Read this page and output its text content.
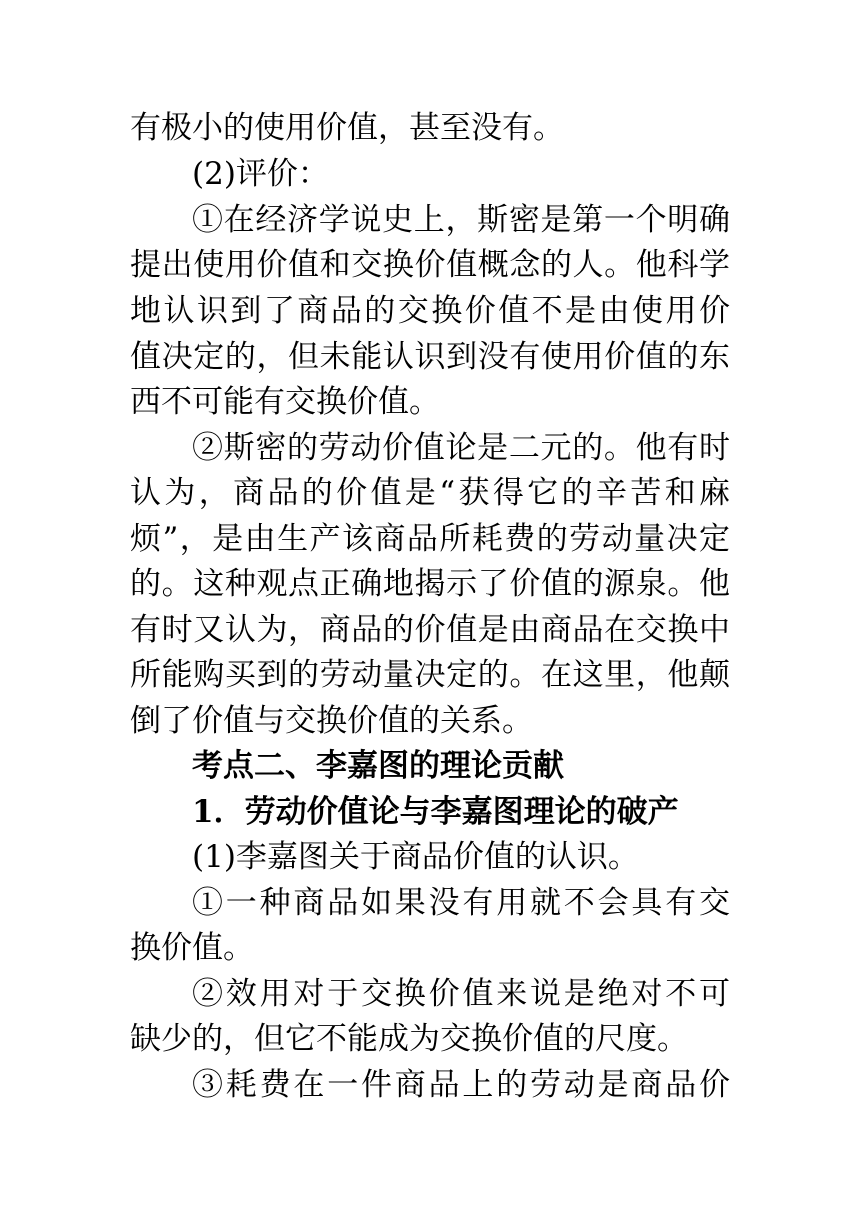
有极小的使用价值，甚至没有。
(2)评价：
①在经济学说史上，斯密是第一个明确
提出使用价值和交换价值概念的人。他科学
地认识到了商品的交换价值不是由使用价
值决定的，但未能认识到没有使用价值的东
西不可能有交换价值。
②斯密的劳动价值论是二元的。他有时
认为，商品的价值是“获得它的辛苦和麻
烦”，是由生产该商品所耗费的劳动量决定
的。这种观点正确地揭示了价值的源泉。他
有时又认为，商品的价值是由商品在交换中
所能购买到的劳动量决定的。在这里，他颠
倒了价值与交换价值的关系。
考点二、李嘉图的理论贡献
1．劳动价值论与李嘉图理论的破产
(1)李嘉图关于商品价值的认识。
①一种商品如果没有用就不会具有交
换价值。
②效用对于交换价值来说是绝对不可
缺少的，但它不能成为交换价值的尺度。
③耗费在一件商品上的劳动是商品价
